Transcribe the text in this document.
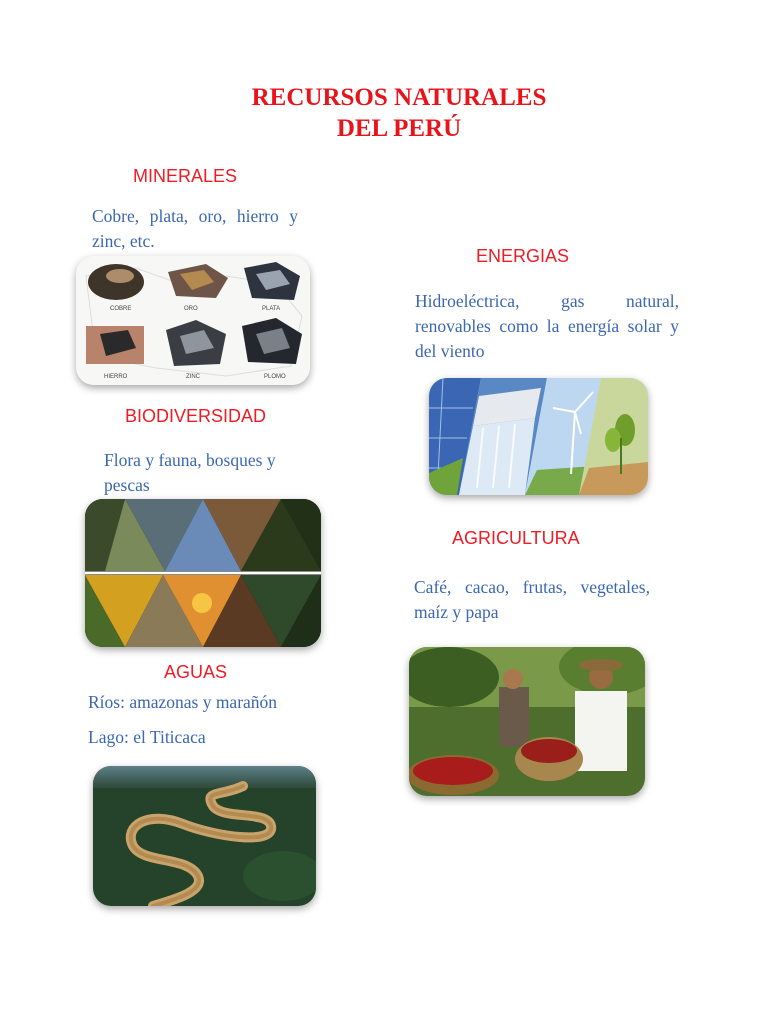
RECURSOS NATURALES
DEL PERÚ
MINERALES
Cobre, plata, oro, hierro y zinc, etc.
COBRE	ORO	PLATA
HIERRO	ZINC	PLOMO
ENERGIAS
Hidroeléctrica, gas natural, renovables como la energía solar y del viento
BIODIVERSIDAD
Flora y fauna, bosques y pescas
AGRICULTURA
Café, cacao, frutas, vegetales, maíz y papa
AGUAS
Ríos: amazonas y marañón
Lago: el Titicaca
